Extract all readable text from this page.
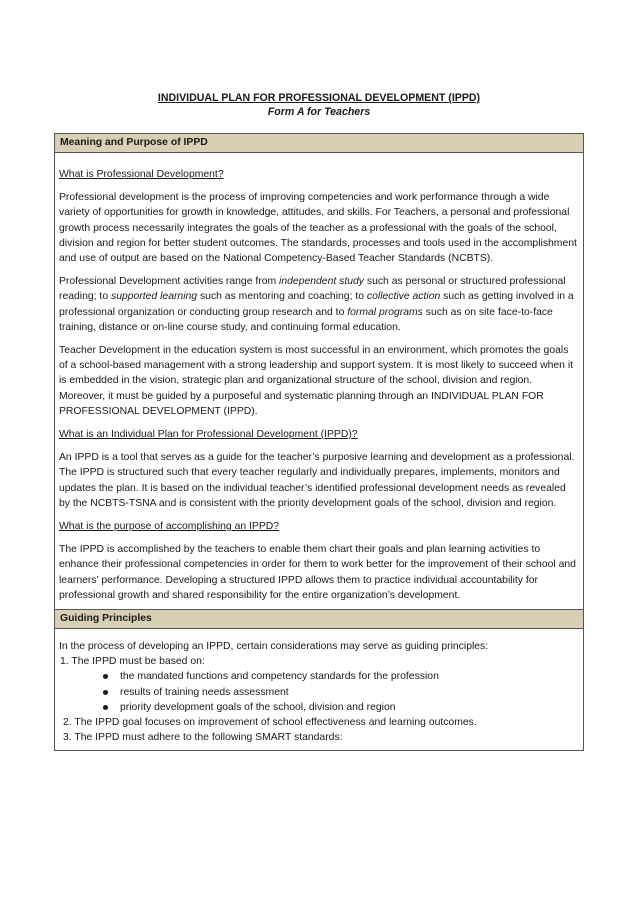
INDIVIDUAL PLAN FOR PROFESSIONAL DEVELOPMENT (IPPD)
Form A for Teachers
Meaning and Purpose of IPPD
What is Professional Development?

Professional development is the process of improving competencies and work performance through a wide variety of opportunities for growth in knowledge, attitudes, and skills. For Teachers, a personal and professional growth process necessarily integrates the goals of the teacher as a professional with the goals of the school, division and region for better student outcomes. The standards, processes and tools used in the accomplishment and use of output are based on the National Competency-Based Teacher Standards (NCBTS).

Professional Development activities range from independent study such as personal or structured professional reading; to supported learning such as mentoring and coaching; to collective action such as getting involved in a professional organization or conducting group research and to formal programs such as on site face-to-face training, distance or on-line course study, and continuing formal education.

Teacher Development in the education system is most successful in an environment, which promotes the goals of a school-based management with a strong leadership and support system. It is most likely to succeed when it is embedded in the vision, strategic plan and organizational structure of the school, division and region. Moreover, it must be guided by a purposeful and systematic planning through an INDIVIDUAL PLAN FOR PROFESSIONAL DEVELOPMENT (IPPD).

What is an Individual Plan for Professional Development (IPPD)?

An IPPD is a tool that serves as a guide for the teacher’s purposive learning and development as a professional. The IPPD is structured such that every teacher regularly and individually prepares, implements, monitors and updates the plan. It is based on the individual teacher’s identified professional development needs as revealed by the NCBTS-TSNA and is consistent with the priority development goals of the school, division and region.

What is the purpose of accomplishing an IPPD?

The IPPD is accomplished by the teachers to enable them chart their goals and plan learning activities to enhance their professional competencies in order for them to work better for the improvement of their school and learners’ performance. Developing a structured IPPD allows them to practice individual accountability for professional growth and shared responsibility for the entire organization’s development.

Guiding Principles
In the process of developing an IPPD, certain considerations may serve as guiding principles:
1. The IPPD must be based on:
the mandated functions and competency standards for the profession
results of training needs assessment
priority development goals of the school, division and region
2. The IPPD goal focuses on improvement of school effectiveness and learning outcomes.
3. The IPPD must adhere to the following SMART standards:
